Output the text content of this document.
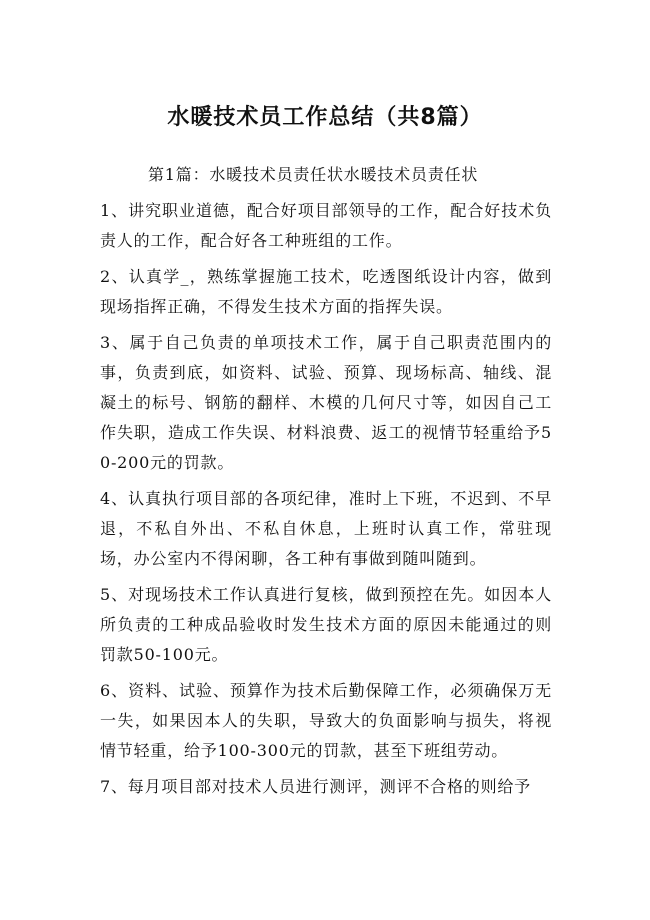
水暖技术员工作总结（共8篇）

第1篇：水暖技术员责任状水暖技术员责任状

1、讲究职业道德，配合好项目部领导的工作，配合好技术负责人的工作，配合好各工种班组的工作。

2、认真学_，熟练掌握施工技术，吃透图纸设计内容，做到现场指挥正确，不得发生技术方面的指挥失误。

3、属于自己负责的单项技术工作，属于自己职责范围内的事，负责到底，如资料、试验、预算、现场标高、轴线、混凝土的标号、钢筋的翻样、木模的几何尺寸等，如因自己工作失职，造成工作失误、材料浪费、返工的视情节轻重给予50-200元的罚款。

4、认真执行项目部的各项纪律，准时上下班，不迟到、不早退，不私自外出、不私自休息，上班时认真工作，常驻现场，办公室内不得闲聊，各工种有事做到随叫随到。

5、对现场技术工作认真进行复核，做到预控在先。如因本人所负责的工种成品验收时发生技术方面的原因未能通过的则罚款50-100元。

6、资料、试验、预算作为技术后勤保障工作，必须确保万无一失，如果因本人的失职，导致大的负面影响与损失，将视情节轻重，给予100-300元的罚款，甚至下班组劳动。

7、每月项目部对技术人员进行测评，测评不合格的则给予
